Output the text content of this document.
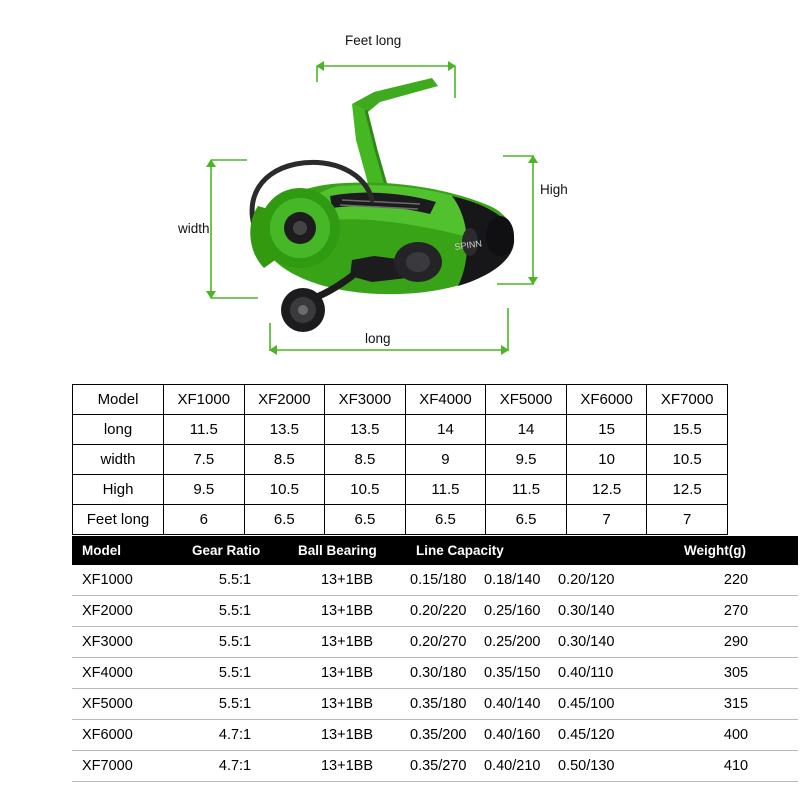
SPINN
Feet long
High
width
long
Model	XF1000	XF2000	XF3000	XF4000	XF5000	XF6000	XF7000
long	11.5	13.5	13.5	14	14	15	15.5
width	7.5	8.5	8.5	9	9.5	10	10.5
High	9.5	10.5	10.5	11.5	11.5	12.5	12.5
Feet long	6	6.5	6.5	6.5	6.5	7	7
Model	Gear Ratio	Ball Bearing	Line Capacity	Weight(g)
XF1000	5.5:1	13+1BB	0.15/180 0.18/140 0.20/120	220
XF2000	5.5:1	13+1BB	0.20/220 0.25/160 0.30/140	270
XF3000	5.5:1	13+1BB	0.20/270 0.25/200 0.30/140	290
XF4000	5.5:1	13+1BB	0.30/180 0.35/150 0.40/110	305
XF5000	5.5:1	13+1BB	0.35/180 0.40/140 0.45/100	315
XF6000	4.7:1	13+1BB	0.35/200 0.40/160 0.45/120	400
XF7000	4.7:1	13+1BB	0.35/270 0.40/210 0.50/130	410
